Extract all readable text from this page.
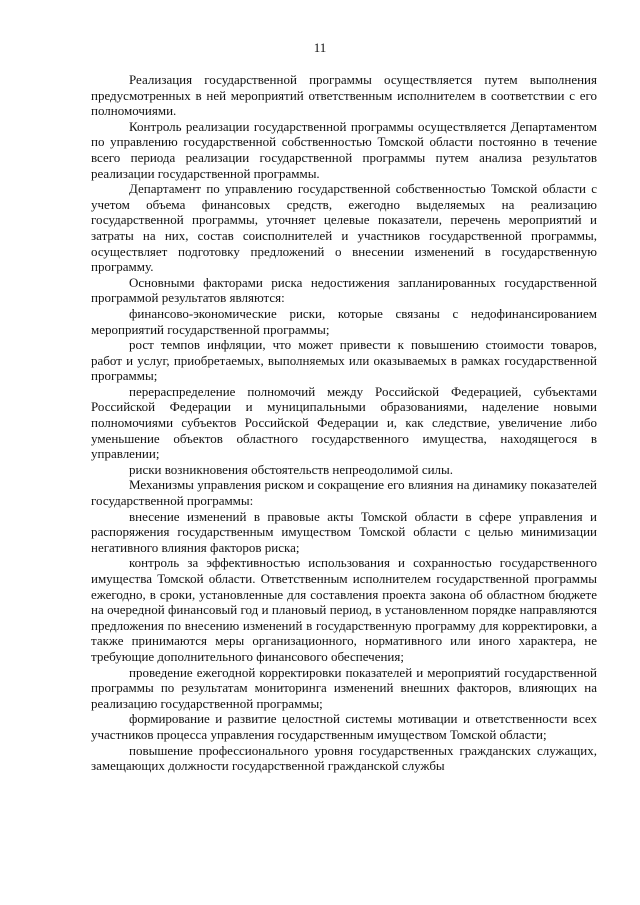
11

Реализация государственной программы осуществляется путем выполнения предусмотренных в ней мероприятий ответственным исполнителем в соответствии с его полномочиями.

Контроль реализации государственной программы осуществляется Департаментом по управлению государственной собственностью Томской области постоянно в течение всего периода реализации государственной программы путем анализа результатов реализации государственной программы.

Департамент по управлению государственной собственностью Томской области с учетом объема финансовых средств, ежегодно выделяемых на реализацию государственной программы, уточняет целевые показатели, перечень мероприятий и затраты на них, состав соисполнителей и участников государственной программы, осуществляет подготовку предложений о внесении изменений в государственную программу.

Основными факторами риска недостижения запланированных государственной программой результатов являются:

финансово-экономические риски, которые связаны с недофинансированием мероприятий государственной программы;

рост темпов инфляции, что может привести к повышению стоимости товаров, работ и услуг, приобретаемых, выполняемых или оказываемых в рамках государственной программы;

перераспределение полномочий между Российской Федерацией, субъектами Российской Федерации и муниципальными образованиями, наделение новыми полномочиями субъектов Российской Федерации и, как следствие, увеличение либо уменьшение объектов областного государственного имущества, находящегося в управлении;

риски возникновения обстоятельств непреодолимой силы.

Механизмы управления риском и сокращение его влияния на динамику показателей государственной программы:

внесение изменений в правовые акты Томской области в сфере управления и распоряжения государственным имуществом Томской области с целью минимизации негативного влияния факторов риска;

контроль за эффективностью использования и сохранностью государственного имущества Томской области. Ответственным исполнителем государственной программы ежегодно, в сроки, установленные для составления проекта закона об областном бюджете на очередной финансовый год и плановый период, в установленном порядке направляются предложения по внесению изменений в государственную программу для корректировки, а также принимаются меры организационного, нормативного или иного характера, не требующие дополнительного финансового обеспечения;

проведение ежегодной корректировки показателей и мероприятий государственной программы по результатам мониторинга изменений внешних факторов, влияющих на реализацию государственной программы;

формирование и развитие целостной системы мотивации и ответственности всех участников процесса управления государственным имуществом Томской области;

повышение профессионального уровня государственных гражданских служащих, замещающих должности государственной гражданской службы
